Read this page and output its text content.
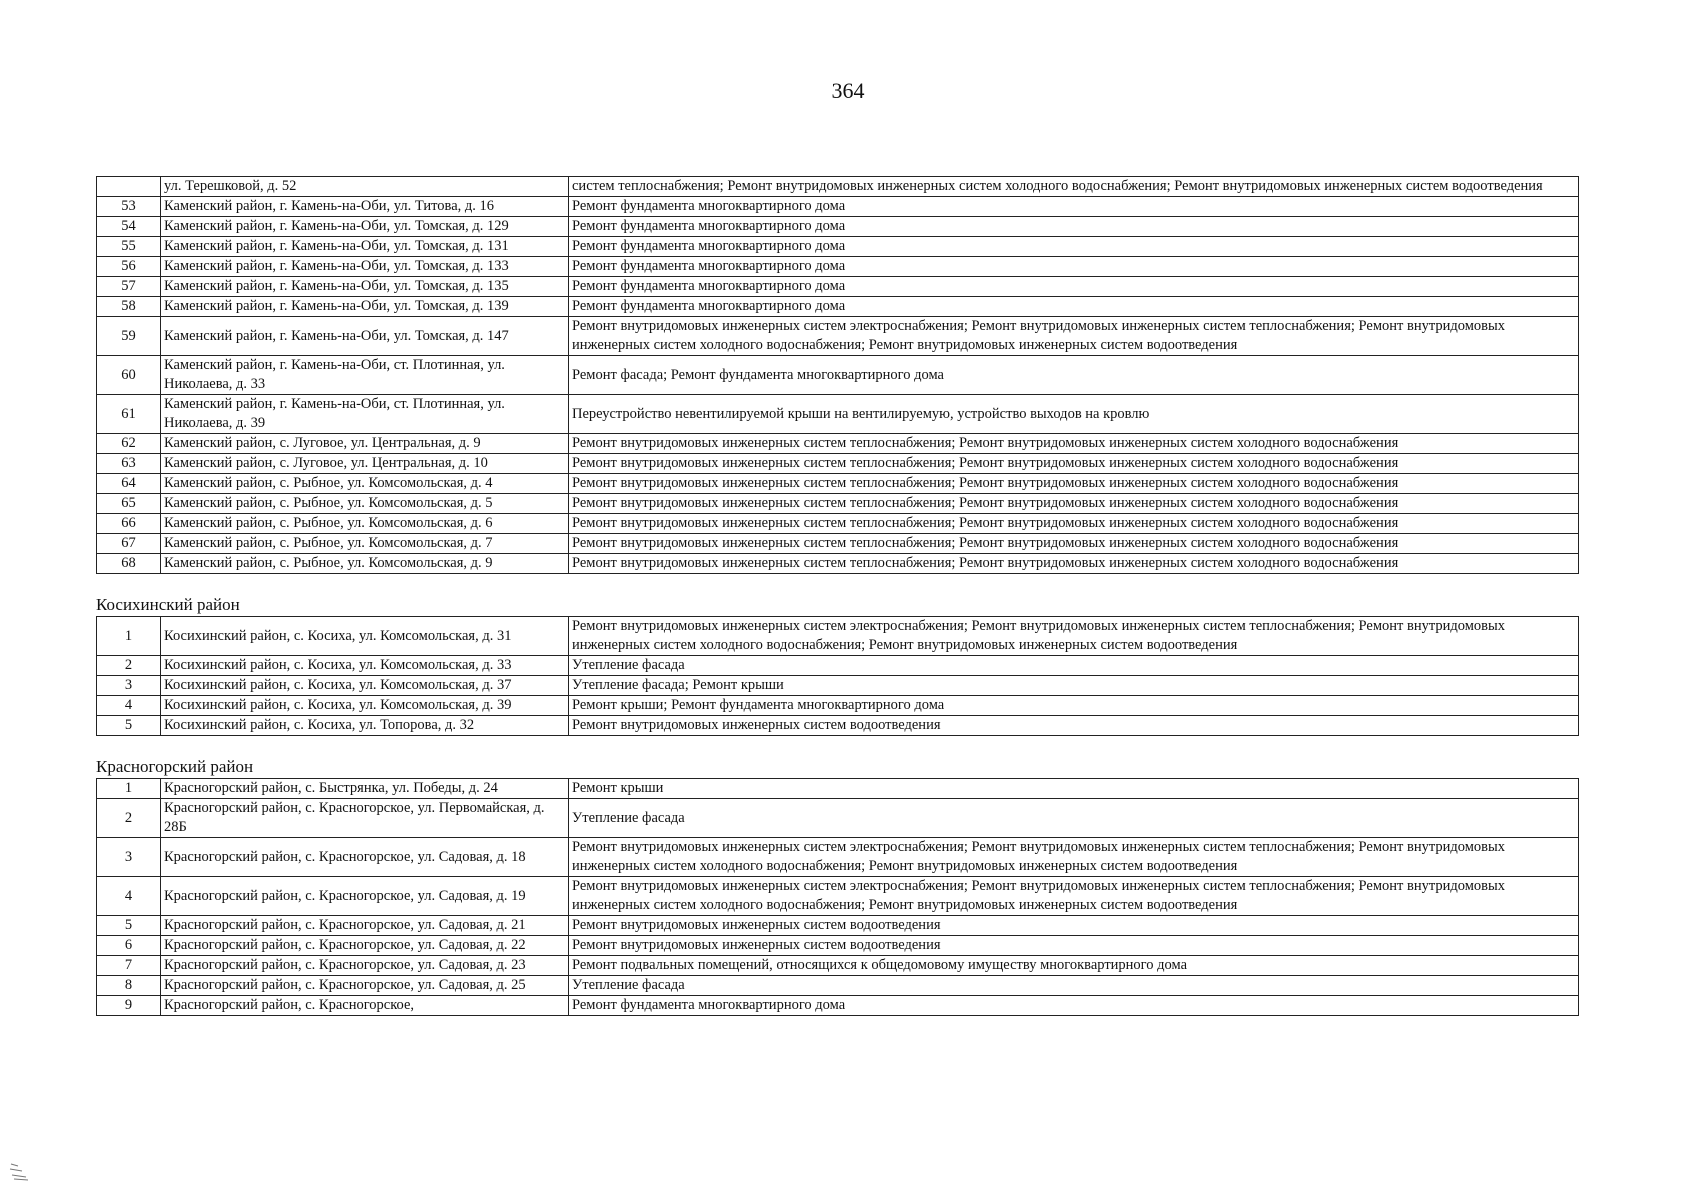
364
	ул. Терешковой, д. 52	систем теплоснабжения; Ремонт внутридомовых инженерных систем холодного водоснабжения; Ремонт внутридомовых инженерных систем водоотведения
53	Каменский район, г. Камень-на-Оби, ул. Титова, д. 16	Ремонт фундамента многоквартирного дома
54	Каменский район, г. Камень-на-Оби, ул. Томская, д. 129	Ремонт фундамента многоквартирного дома
55	Каменский район, г. Камень-на-Оби, ул. Томская, д. 131	Ремонт фундамента многоквартирного дома
56	Каменский район, г. Камень-на-Оби, ул. Томская, д. 133	Ремонт фундамента многоквартирного дома
57	Каменский район, г. Камень-на-Оби, ул. Томская, д. 135	Ремонт фундамента многоквартирного дома
58	Каменский район, г. Камень-на-Оби, ул. Томская, д. 139	Ремонт фундамента многоквартирного дома
59	Каменский район, г. Камень-на-Оби, ул. Томская, д. 147	Ремонт внутридомовых инженерных систем электроснабжения; Ремонт внутридомовых инженерных систем теплоснабжения; Ремонт внутридомовых инженерных систем холодного водоснабжения; Ремонт внутридомовых инженерных систем водоотведения
60	Каменский район, г. Камень-на-Оби, ст. Плотинная, ул. Николаева, д. 33	Ремонт фасада; Ремонт фундамента многоквартирного дома
61	Каменский район, г. Камень-на-Оби, ст. Плотинная, ул. Николаева, д. 39	Переустройство невентилируемой крыши на вентилируемую, устройство выходов на кровлю
62	Каменский район, с. Луговое, ул. Центральная, д. 9	Ремонт внутридомовых инженерных систем теплоснабжения; Ремонт внутридомовых инженерных систем холодного водоснабжения
63	Каменский район, с. Луговое, ул. Центральная, д. 10	Ремонт внутридомовых инженерных систем теплоснабжения; Ремонт внутридомовых инженерных систем холодного водоснабжения
64	Каменский район, с. Рыбное, ул. Комсомольская, д. 4	Ремонт внутридомовых инженерных систем теплоснабжения; Ремонт внутридомовых инженерных систем холодного водоснабжения
65	Каменский район, с. Рыбное, ул. Комсомольская, д. 5	Ремонт внутридомовых инженерных систем теплоснабжения; Ремонт внутридомовых инженерных систем холодного водоснабжения
66	Каменский район, с. Рыбное, ул. Комсомольская, д. 6	Ремонт внутридомовых инженерных систем теплоснабжения; Ремонт внутридомовых инженерных систем холодного водоснабжения
67	Каменский район, с. Рыбное, ул. Комсомольская, д. 7	Ремонт внутридомовых инженерных систем теплоснабжения; Ремонт внутридомовых инженерных систем холодного водоснабжения
68	Каменский район, с. Рыбное, ул. Комсомольская, д. 9	Ремонт внутридомовых инженерных систем теплоснабжения; Ремонт внутридомовых инженерных систем холодного водоснабжения
Косихинский район
1	Косихинский район, с. Косиха, ул. Комсомольская, д. 31	Ремонт внутридомовых инженерных систем электроснабжения; Ремонт внутридомовых инженерных систем теплоснабжения; Ремонт внутридомовых инженерных систем холодного водоснабжения; Ремонт внутридомовых инженерных систем водоотведения
2	Косихинский район, с. Косиха, ул. Комсомольская, д. 33	Утепление фасада
3	Косихинский район, с. Косиха, ул. Комсомольская, д. 37	Утепление фасада; Ремонт крыши
4	Косихинский район, с. Косиха, ул. Комсомольская, д. 39	Ремонт крыши; Ремонт фундамента многоквартирного дома
5	Косихинский район, с. Косиха, ул. Топорова, д. 32	Ремонт внутридомовых инженерных систем водоотведения
Красногорский район
1	Красногорский район, с. Быстрянка, ул. Победы, д. 24	Ремонт крыши
2	Красногорский район, с. Красногорское, ул. Первомайская, д. 28Б	Утепление фасада
3	Красногорский район, с. Красногорское, ул. Садовая, д. 18	Ремонт внутридомовых инженерных систем электроснабжения; Ремонт внутридомовых инженерных систем теплоснабжения; Ремонт внутридомовых инженерных систем холодного водоснабжения; Ремонт внутридомовых инженерных систем водоотведения
4	Красногорский район, с. Красногорское, ул. Садовая, д. 19	Ремонт внутридомовых инженерных систем электроснабжения; Ремонт внутридомовых инженерных систем теплоснабжения; Ремонт внутридомовых инженерных систем холодного водоснабжения; Ремонт внутридомовых инженерных систем водоотведения
5	Красногорский район, с. Красногорское, ул. Садовая, д. 21	Ремонт внутридомовых инженерных систем водоотведения
6	Красногорский район, с. Красногорское, ул. Садовая, д. 22	Ремонт внутридомовых инженерных систем водоотведения
7	Красногорский район, с. Красногорское, ул. Садовая, д. 23	Ремонт подвальных помещений, относящихся к общедомовому имуществу многоквартирного дома
8	Красногорский район, с. Красногорское, ул. Садовая, д. 25	Утепление фасада
9	Красногорский район, с. Красногорское,	Ремонт фундамента многоквартирного дома
